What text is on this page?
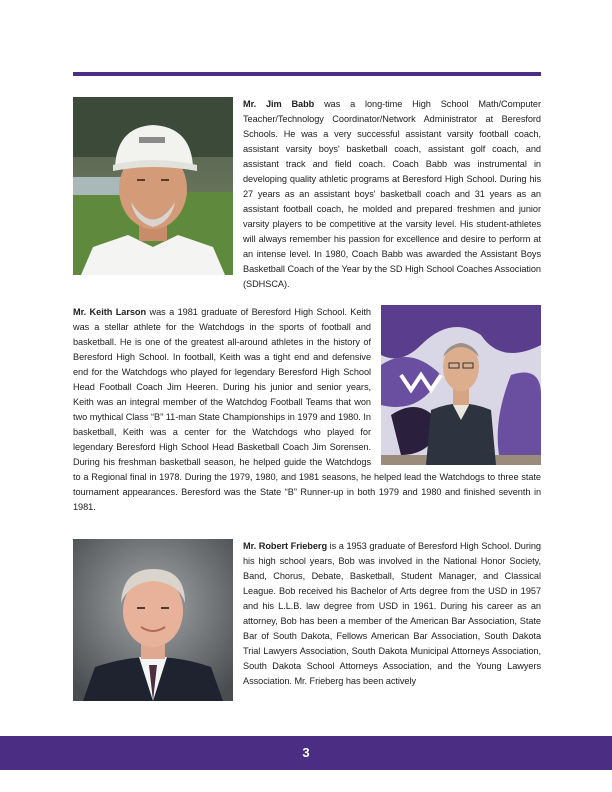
Mr. Jim Babb was a long-time High School Math/Computer Teacher/Technology Coordinator/Network Administrator at Beresford Schools. He was a very successful assistant varsity football coach, assistant varsity boys' basketball coach, assistant golf coach, and assistant track and field coach. Coach Babb was instrumental in developing quality athletic programs at Beresford High School. During his 27 years as an assistant boys' basketball coach and 31 years as an assistant football coach, he molded and prepared freshmen and junior varsity players to be competitive at the varsity level. His student-athletes will always remember his passion for excellence and desire to perform at an intense level. In 1980, Coach Babb was awarded the Assistant Boys Basketball Coach of the Year by the SD High School Coaches Association (SDHSCA).

Mr. Keith Larson was a 1981 graduate of Beresford High School. Keith was a stellar athlete for the Watchdogs in the sports of football and basketball. He is one of the greatest all-around athletes in the history of Beresford High School. In football, Keith was a tight end and defensive end for the Watchdogs who played for legendary Beresford High School Head Football Coach Jim Heeren. During his junior and senior years, Keith was an integral member of the Watchdog Football Teams that won two mythical Class “B” 11-man State Championships in 1979 and 1980. In basketball, Keith was a center for the Watchdogs who played for legendary Beresford High School Head Basketball Coach Jim Sorensen. During his freshman basketball season, he helped guide the Watchdogs to a Regional final in 1978. During the 1979, 1980, and 1981 seasons, he helped lead the Watchdogs to three state tournament appearances. Beresford was the State “B” Runner-up in both 1979 and 1980 and finished seventh in 1981.

Mr. Robert Frieberg is a 1953 graduate of Beresford High School. During his high school years, Bob was involved in the National Honor Society, Band, Chorus, Debate, Basketball, Student Manager, and Classical League. Bob received his Bachelor of Arts degree from the USD in 1957 and his L.L.B. law degree from USD in 1961. During his career as an attorney, Bob has been a member of the American Bar Association, State Bar of South Dakota, Fellows American Bar Association, South Dakota Trial Lawyers Association, South Dakota Municipal Attorneys Association, South Dakota School Attorneys Association, and the Young Lawyers Association. Mr. Frieberg has been actively

3
